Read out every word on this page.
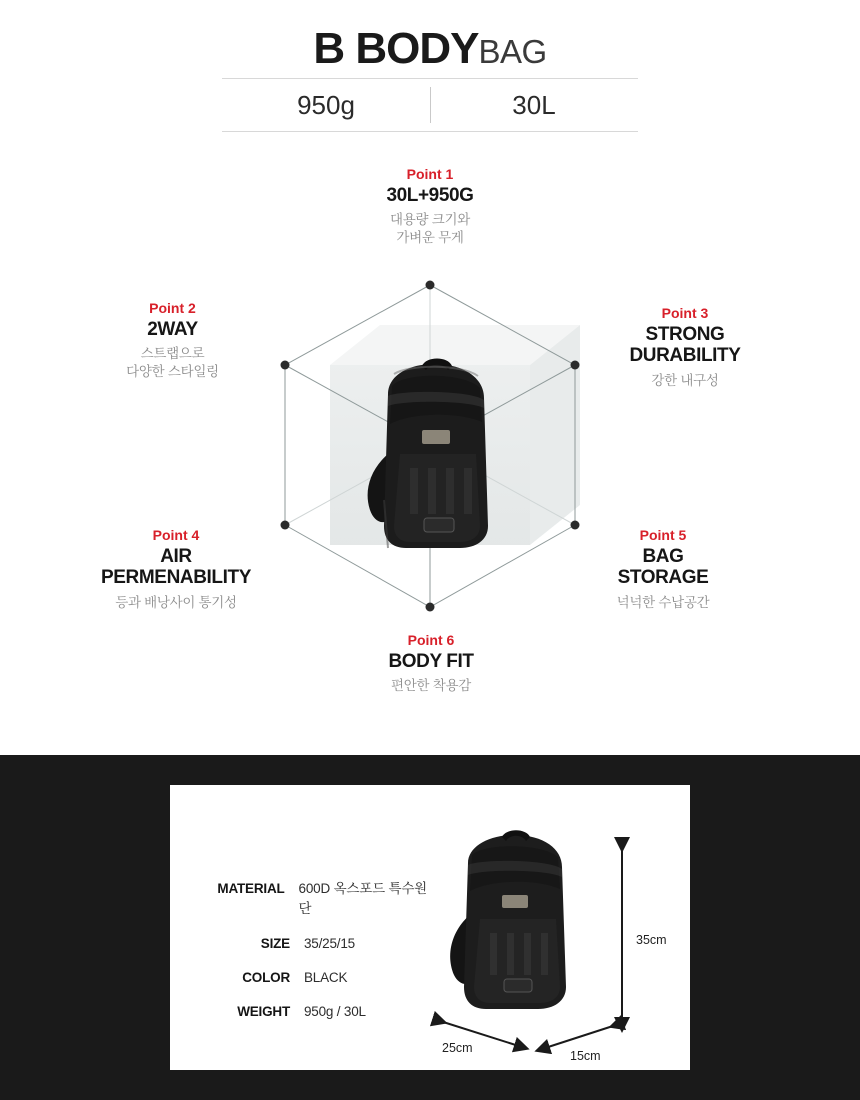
B BODYBAG
950g	30L
Point 1
30L+950G
대용량 크기와
가벼운 무게
Point 2
2WAY
스트랩으로
다양한 스타일링
Point 3
STRONG
DURABILITY
강한 내구성
Point 4
AIR
PERMENABILITY
등과 배낭사이 통기성
Point 5
BAG
STORAGE
넉넉한 수납공간
Point 6
BODY FIT
편안한 착용감
MATERIAL	600D 옥스포드 특수원단
SIZE	35/25/15
COLOR	BLACK
WEIGHT	950g / 30L
35cm
25cm
15cm
